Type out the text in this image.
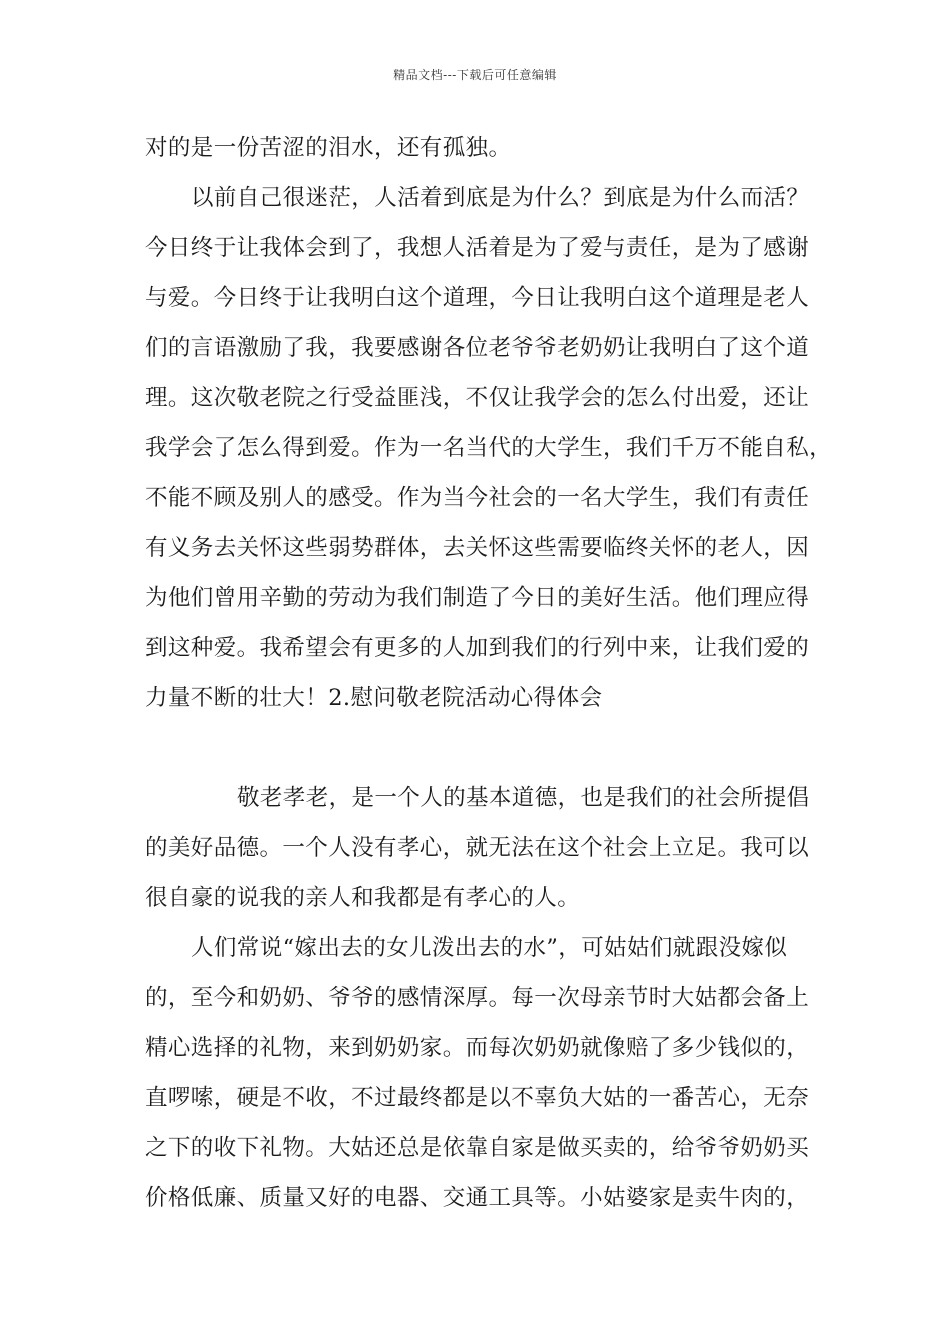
精品文档---下载后可任意编辑
对的是一份苦涩的泪水，还有孤独。
以前自己很迷茫，人活着到底是为什么？到底是为什么而活？
今日终于让我体会到了，我想人活着是为了爱与责任，是为了感谢
与爱。今日终于让我明白这个道理，今日让我明白这个道理是老人
们的言语激励了我，我要感谢各位老爷爷老奶奶让我明白了这个道
理。这次敬老院之行受益匪浅，不仅让我学会的怎么付出爱，还让
我学会了怎么得到爱。作为一名当代的大学生，我们千万不能自私，
不能不顾及别人的感受。作为当今社会的一名大学生，我们有责任
有义务去关怀这些弱势群体，去关怀这些需要临终关怀的老人，因
为他们曾用辛勤的劳动为我们制造了今日的美好生活。他们理应得
到这种爱。我希望会有更多的人加到我们的行列中来，让我们爱的
力量不断的壮大！2.慰问敬老院活动心得体会
敬老孝老，是一个人的基本道德，也是我们的社会所提倡
的美好品德。一个人没有孝心，就无法在这个社会上立足。我可以
很自豪的说我的亲人和我都是有孝心的人。
人们常说“嫁出去的女儿泼出去的水”，可姑姑们就跟没嫁似
的，至今和奶奶、爷爷的感情深厚。每一次母亲节时大姑都会备上
精心选择的礼物，来到奶奶家。而每次奶奶就像赔了多少钱似的，
直啰嗦，硬是不收，不过最终都是以不辜负大姑的一番苦心，无奈
之下的收下礼物。大姑还总是依靠自家是做买卖的，给爷爷奶奶买
价格低廉、质量又好的电器、交通工具等。小姑婆家是卖牛肉的，
